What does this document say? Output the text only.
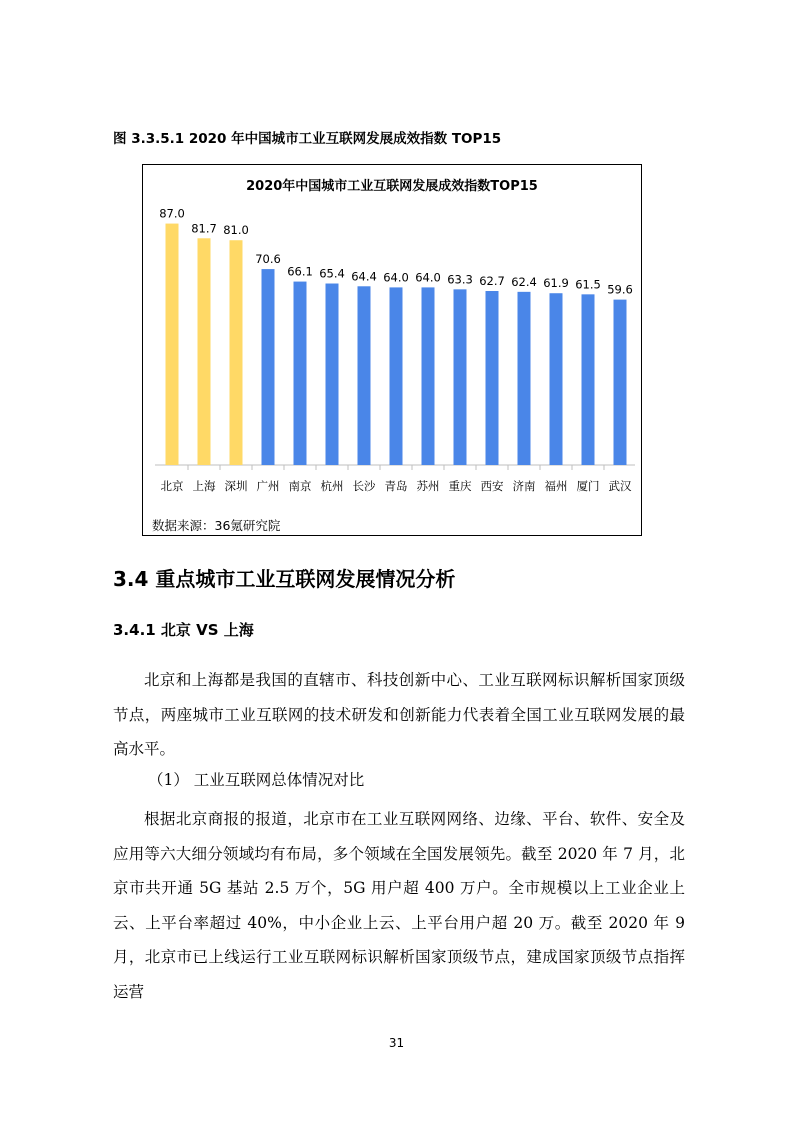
图 3.3.5.1 2020 年中国城市工业互联网发展成效指数 TOP15
2020年中国城市工业互联网发展成效指数TOP15
87.0
北京
81.7
上海
81.0
深圳
70.6
广州
66.1
南京
65.4
杭州
64.4
长沙
64.0
青岛
64.0
苏州
63.3
重庆
62.7
西安
62.4
济南
61.9
福州
61.5
厦门
59.6
武汉
数据来源：36氪研究院
3.4 重点城市工业互联网发展情况分析
3.4.1 北京 VS 上海
北京和上海都是我国的直辖市、科技创新中心、工业互联网标识解析国家顶级节点，两座城市工业互联网的技术研发和创新能力代表着全国工业互联网发展的最高水平。
（1） 工业互联网总体情况对比
根据北京商报的报道，北京市在工业互联网网络、边缘、平台、软件、安全及应用等六大细分领域均有布局，多个领域在全国发展领先。截至 2020 年 7 月，北京市共开通 5G 基站 2.5 万个，5G 用户超 400 万户。全市规模以上工业企业上云、上平台率超过 40%，中小企业上云、上平台用户超 20 万。截至 2020 年 9 月，北京市已上线运行工业互联网标识解析国家顶级节点，建成国家顶级节点指挥运营
31
